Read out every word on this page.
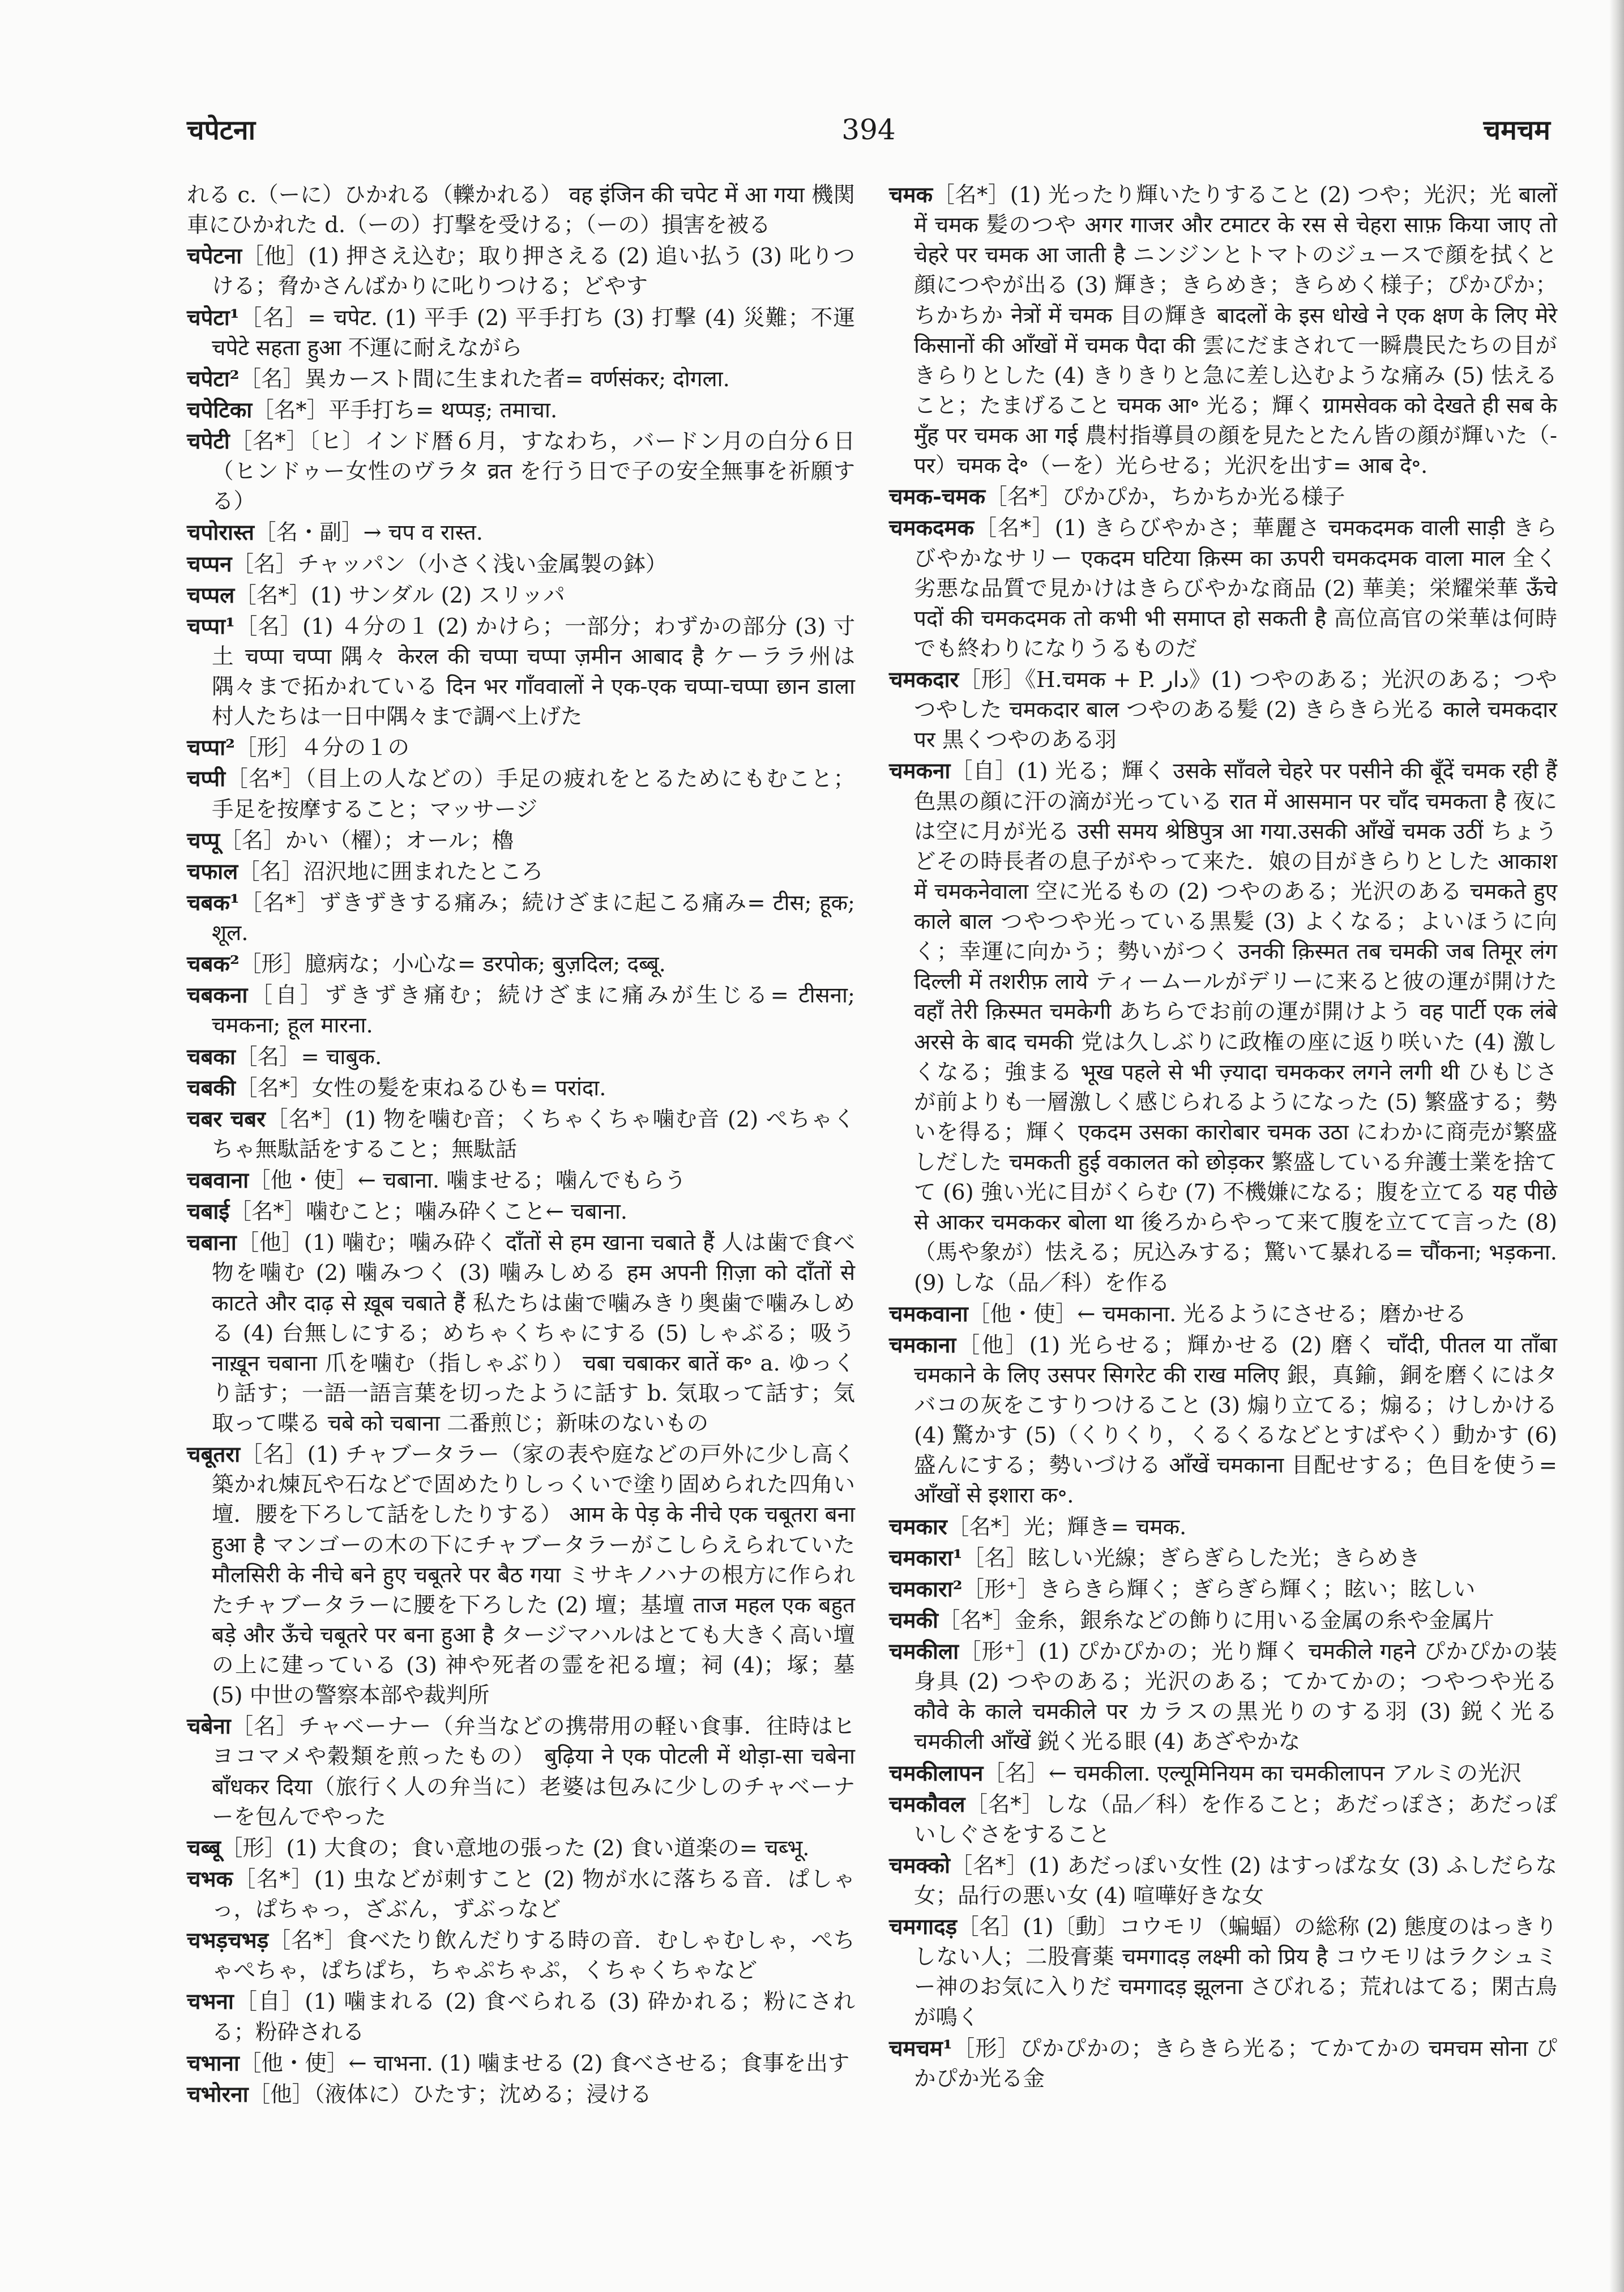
चपेटना	394	चमचम
れる c.（ーに）ひかれる（轢かれる） वह इंजिन की चपेट में आ गया 機関車にひかれた d.（ーの）打撃を受ける；（ーの）損害を被る
चपेटना［他］(1) 押さえ込む；取り押さえる (2) 追い払う (3) 叱りつける；脅かさんばかりに叱りつける；どやす
चपेटा¹［名］= चपेट. (1) 平手 (2) 平手打ち (3) 打撃 (4) 災難；不運 चपेटे सहता हुआ 不運に耐えながら
चपेटा²［名］異カースト間に生まれた者= वर्णसंकर; दोगला.
चपेटिका［名*］平手打ち= थप्पड़; तमाचा.
चपेटी［名*］〔ヒ〕インド暦６月，すなわち，バードン月の白分６日（ヒンドゥー女性のヴラタ व्रत を行う日で子の安全無事を祈願する）
चपोरास्त［名・副］→ चप व रास्त.
चप्पन［名］チャッパン（小さく浅い金属製の鉢）
चप्पल［名*］(1) サンダル (2) スリッパ
चप्पा¹［名］(1) ４分の１ (2) かけら；一部分；わずかの部分 (3) 寸土 चप्पा चप्पा 隅々 केरल की चप्पा चप्पा ज़मीन आबाद है ケーララ州は隅々まで拓かれている दिन भर गाँववालों ने एक-एक चप्पा-चप्पा छान डाला 村人たちは一日中隅々まで調べ上げた
चप्पा²［形］４分の１の
चप्पी［名*］（目上の人などの）手足の疲れをとるためにもむこと；手足を按摩すること；マッサージ
चप्पू［名］かい（櫂）；オール；櫓
चफाल［名］沼沢地に囲まれたところ
चबक¹［名*］ずきずきする痛み；続けざまに起こる痛み= टीस; हूक; शूल.
चबक²［形］臆病な；小心な= डरपोक; बुज़दिल; दब्बू.
चबकना［自］ずきずき痛む；続けざまに痛みが生じる= टीसना; चमकना; हूल मारना.
चबका［名］= चाबुक.
चबकी［名*］女性の髪を束ねるひも= परांदा.
चबर चबर［名*］(1) 物を噛む音；くちゃくちゃ噛む音 (2) ぺちゃくちゃ無駄話をすること；無駄話
चबवाना［他・使］← चबाना. 噛ませる；噛んでもらう
चबाई［名*］噛むこと；噛み砕くこと← चबाना.
चबाना［他］(1) 噛む；噛み砕く दाँतों से हम खाना चबाते हैं 人は歯で食べ物を噛む (2) 噛みつく (3) 噛みしめる हम अपनी ग़िज़ा को दाँतों से काटते और दाढ़ से ख़ूब चबाते हैं 私たちは歯で噛みきり奥歯で噛みしめる (4) 台無しにする；めちゃくちゃにする (5) しゃぶる；吸う नाख़ून चबाना 爪を噛む（指しゃぶり） चबा चबाकर बातें क॰ a. ゆっくり話す；一語一語言葉を切ったように話す b. 気取って話す；気取って喋る चबे को चबाना 二番煎じ；新味のないもの
चबूतरा［名］(1) チャブータラー（家の表や庭などの戸外に少し高く築かれ煉瓦や石などで固めたりしっくいで塗り固められた四角い壇．腰を下ろして話をしたりする） आम के पेड़ के नीचे एक चबूतरा बना हुआ है マンゴーの木の下にチャブータラーがこしらえられていた मौलसिरी के नीचे बने हुए चबूतरे पर बैठ गया ミサキノハナの根方に作られたチャブータラーに腰を下ろした (2) 壇；基壇 ताज महल एक बहुत बड़े और ऊँचे चबूतरे पर बना हुआ है タージマハルはとても大きく高い壇の上に建っている (3) 神や死者の霊を祀る壇；祠 (4)；塚；墓 (5) 中世の警察本部や裁判所
चबेना［名］チャベーナー（弁当などの携帯用の軽い食事．往時はヒヨコマメや穀類を煎ったもの） बुढ़िया ने एक पोटली में थोड़ा-सा चबेना बाँधकर दिया（旅行く人の弁当に）老婆は包みに少しのチャベーナーを包んでやった
चब्बू［形］(1) 大食の；食い意地の張った (2) 食い道楽の= चब्भू.
चभक［名*］(1) 虫などが刺すこと (2) 物が水に落ちる音．ぱしゃっ，ぱちゃっ，ざぶん，ずぶっなど
चभड़चभड़［名*］食べたり飲んだりする時の音．むしゃむしゃ，ぺちゃぺちゃ，ぱちぱち，ちゃぷちゃぷ，くちゃくちゃなど
चभना［自］(1) 噛まれる (2) 食べられる (3) 砕かれる；粉にされる；粉砕される
चभाना［他・使］← चाभना. (1) 噛ませる (2) 食べさせる；食事を出す
चभोरना［他］（液体に）ひたす；沈める；浸ける
चमक［名*］(1) 光ったり輝いたりすること (2) つや；光沢；光 बालों में चमक 髪のつや अगर गाजर और टमाटर के रस से चेहरा साफ़ किया जाए तो चेहरे पर चमक आ जाती है ニンジンとトマトのジュースで顔を拭くと顔につやが出る (3) 輝き；きらめき；きらめく様子；ぴかぴか；ちかちか नेत्रों में चमक 目の輝き बादलों के इस धोखे ने एक क्षण के लिए मेरे किसानों की आँखों में चमक पैदा की 雲にだまされて一瞬農民たちの目がきらりとした (4) きりきりと急に差し込むような痛み (5) 怯えること；たまげること चमक आ॰ 光る；輝く ग्रामसेवक को देखते ही सब के मुँह पर चमक आ गई 農村指導員の顔を見たとたん皆の顔が輝いた（-पर）चमक दे॰（ーを）光らせる；光沢を出す= आब दे॰.
चमक-चमक［名*］ぴかぴか，ちかちか光る様子
चमकदमक［名*］(1) きらびやかさ；華麗さ चमकदमक वाली साड़ी きらびやかなサリー एकदम घटिया क़िस्म का ऊपरी चमकदमक वाला माल 全く劣悪な品質で見かけはきらびやかな商品 (2) 華美；栄耀栄華 ऊँचे पदों की चमकदमक तो कभी भी समाप्त हो सकती है 高位高官の栄華は何時でも終わりになりうるものだ
चमकदार［形］《H.चमक + P. دار》(1) つやのある；光沢のある；つやつやした चमकदार बाल つやのある髪 (2) きらきら光る काले चमकदार पर 黒くつやのある羽
चमकना［自］(1) 光る；輝く उसके साँवले चेहरे पर पसीने की बूँदें चमक रही हैं 色黒の顔に汗の滴が光っている रात में आसमान पर चाँद चमकता है 夜には空に月が光る उसी समय श्रेष्ठिपुत्र आ गया.उसकी आँखें चमक उठीं ちょうどその時長者の息子がやって来た．娘の目がきらりとした आकाश में चमकनेवाला 空に光るもの (2) つやのある；光沢のある चमकते हुए काले बाल つやつや光っている黒髪 (3) よくなる；よいほうに向く；幸運に向かう；勢いがつく उनकी क़िस्मत तब चमकी जब तिमूर लंग दिल्ली में तशरीफ़ लाये ティームールがデリーに来ると彼の運が開けた वहाँ तेरी क़िस्मत चमकेगी あちらでお前の運が開けよう वह पार्टी एक लंबे अरसे के बाद चमकी 党は久しぶりに政権の座に返り咲いた (4) 激しくなる；強まる भूख पहले से भी ज़्यादा चमककर लगने लगी थी ひもじさが前よりも一層激しく感じられるようになった (5) 繁盛する；勢いを得る；輝く एकदम उसका कारोबार चमक उठा にわかに商売が繁盛しだした चमकती हुई वकालत को छोड़कर 繁盛している弁護士業を捨てて (6) 強い光に目がくらむ (7) 不機嫌になる；腹を立てる यह पीछे से आकर चमककर बोला था 後ろからやって来て腹を立てて言った (8)（馬や象が）怯える；尻込みする；驚いて暴れる= चौंकना; भड़कना. (9) しな（品／科）を作る
चमकवाना［他・使］← चमकाना. 光るようにさせる；磨かせる
चमकाना［他］(1) 光らせる；輝かせる (2) 磨く चाँदी, पीतल या ताँबा चमकाने के लिए उसपर सिगरेट की राख मलिए 銀，真鍮，銅を磨くにはタバコの灰をこすりつけること (3) 煽り立てる；煽る；けしかける (4) 驚かす (5)（くりくり，くるくるなどとすばやく）動かす (6) 盛んにする；勢いづける आँखें चमकाना 目配せする；色目を使う= आँखों से इशारा क॰.
चमकार［名*］光；輝き= चमक.
चमकारा¹［名］眩しい光線；ぎらぎらした光；きらめき
चमकारा²［形⁺］きらきら輝く；ぎらぎら輝く；眩い；眩しい
चमकी［名*］金糸，銀糸などの飾りに用いる金属の糸や金属片
चमकीला［形⁺］(1) ぴかぴかの；光り輝く चमकीले गहने ぴかぴかの装身具 (2) つやのある；光沢のある；てかてかの；つやつや光る कौवे के काले चमकीले पर カラスの黒光りのする羽 (3) 鋭く光る चमकीली आँखें 鋭く光る眼 (4) あざやかな
चमकीलापन［名］← चमकीला. एल्यूमिनियम का चमकीलापन アルミの光沢
चमकौवल［名*］しな（品／科）を作ること；あだっぽさ；あだっぽいしぐさをすること
चमक्को［名*］(1) あだっぽい女性 (2) はすっぱな女 (3) ふしだらな女；品行の悪い女 (4) 喧嘩好きな女
चमगादड़［名］(1)〔動〕コウモリ（蝙蝠）の総称 (2) 態度のはっきりしない人；二股膏薬 चमगादड़ लक्ष्मी को प्रिय है コウモリはラクシュミー神のお気に入りだ चमगादड़ झूलना さびれる；荒れはてる；閑古鳥が鳴く
चमचम¹［形］ぴかぴかの；きらきら光る；てかてかの चमचम सोना ぴかぴか光る金
